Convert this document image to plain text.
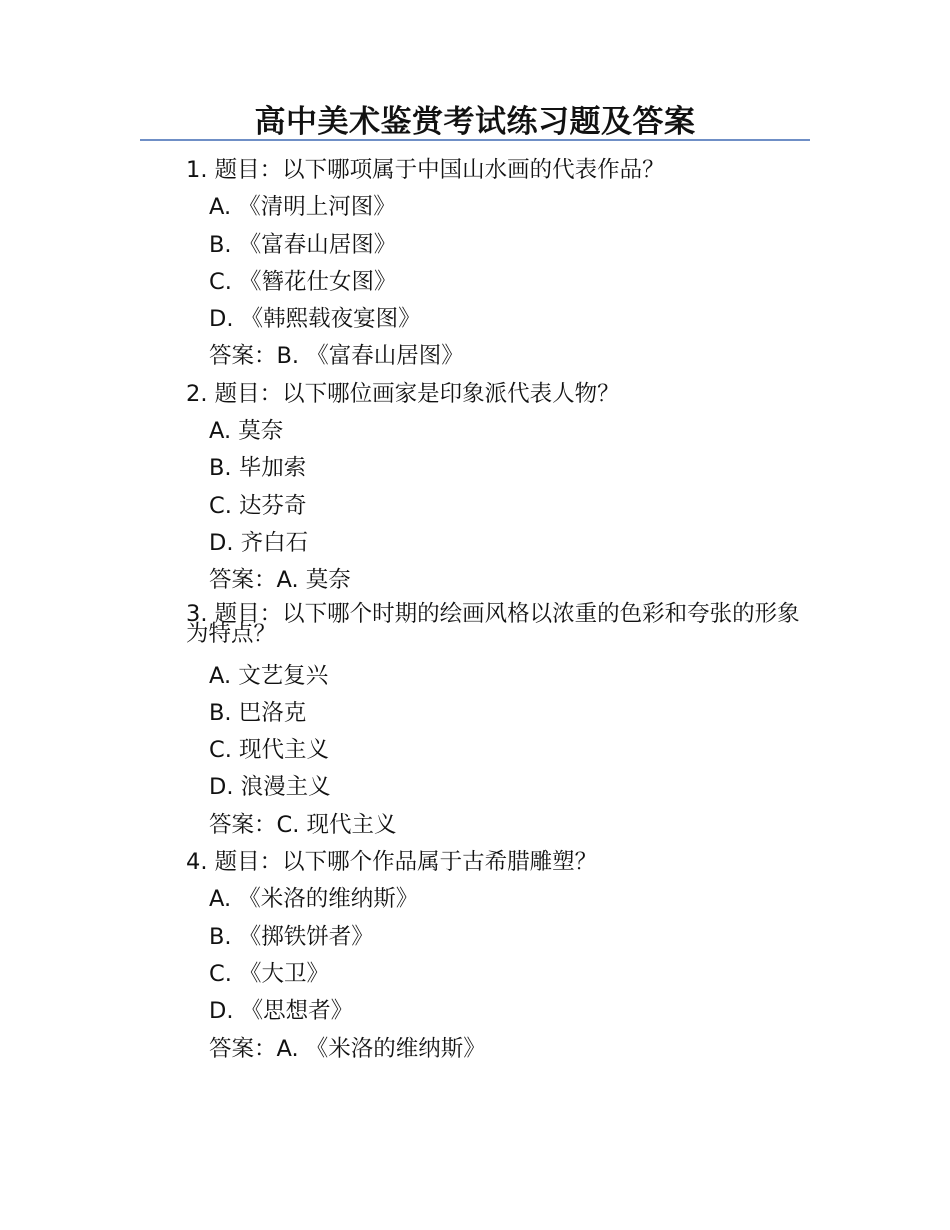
高中美术鉴赏考试练习题及答案
1. 题目：以下哪项属于中国山水画的代表作品？
A. 《清明上河图》
B. 《富春山居图》
C. 《簪花仕女图》
D. 《韩熙载夜宴图》
答案：B. 《富春山居图》
2. 题目：以下哪位画家是印象派代表人物？
A. 莫奈
B. 毕加索
C. 达芬奇
D. 齐白石
答案：A. 莫奈
3. 题目：以下哪个时期的绘画风格以浓重的色彩和夸张的形象为特点？
A. 文艺复兴
B. 巴洛克
C. 现代主义
D. 浪漫主义
答案：C. 现代主义
4. 题目：以下哪个作品属于古希腊雕塑？
A. 《米洛的维纳斯》
B. 《掷铁饼者》
C. 《大卫》
D. 《思想者》
答案：A. 《米洛的维纳斯》
